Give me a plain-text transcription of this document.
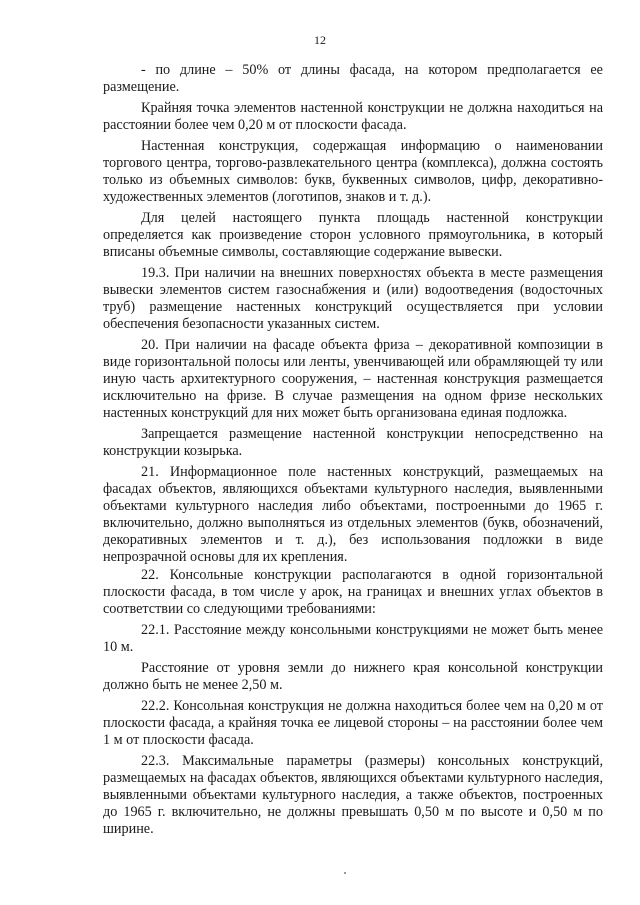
12

- по длине – 50% от длины фасада, на котором предполагается ее размещение.

Крайняя точка элементов настенной конструкции не должна находиться на расстоянии более чем 0,20 м от плоскости фасада.

Настенная конструкция, содержащая информацию о наименовании торгового центра, торгово-развлекательного центра (комплекса), должна состоять только из объемных символов: букв, буквенных символов, цифр, декоративно-художественных элементов (логотипов, знаков и т. д.).

Для целей настоящего пункта площадь настенной конструкции определяется как произведение сторон условного прямоугольника, в который вписаны объемные символы, составляющие содержание вывески.

19.3. При наличии на внешних поверхностях объекта в месте размещения вывески элементов систем газоснабжения и (или) водоотведения (водосточных труб) размещение настенных конструкций осуществляется при условии обеспечения безопасности указанных систем.

20. При наличии на фасаде объекта фриза – декоративной композиции в виде горизонтальной полосы или ленты, увенчивающей или обрамляющей ту или иную часть архитектурного сооружения, – настенная конструкция размещается исключительно на фризе. В случае размещения на одном фризе нескольких настенных конструкций для них может быть организована единая подложка.

Запрещается размещение настенной конструкции непосредственно на конструкции козырька.

21. Информационное поле настенных конструкций, размещаемых на фасадах объектов, являющихся объектами культурного наследия, выявленными объектами культурного наследия либо объектами, построенными до 1965 г. включительно, должно выполняться из отдельных элементов (букв, обозначений, декоративных элементов и т. д.), без использования подложки в виде непрозрачной основы для их крепления.

22. Консольные конструкции располагаются в одной горизонтальной плоскости фасада, в том числе у арок, на границах и внешних углах объектов в соответствии со следующими требованиями:

22.1. Расстояние между консольными конструкциями не может быть менее 10 м.

Расстояние от уровня земли до нижнего края консольной конструкции должно быть не менее 2,50 м.

22.2. Консольная конструкция не должна находиться более чем на 0,20 м от плоскости фасада, а крайняя точка ее лицевой стороны – на расстоянии более чем 1 м от плоскости фасада.

22.3. Максимальные параметры (размеры) консольных конструкций, размещаемых на фасадах объектов, являющихся объектами культурного наследия, выявленными объектами культурного наследия, а также объектов, построенных до 1965 г. включительно, не должны превышать 0,50 м по высоте и 0,50 м по ширине.
